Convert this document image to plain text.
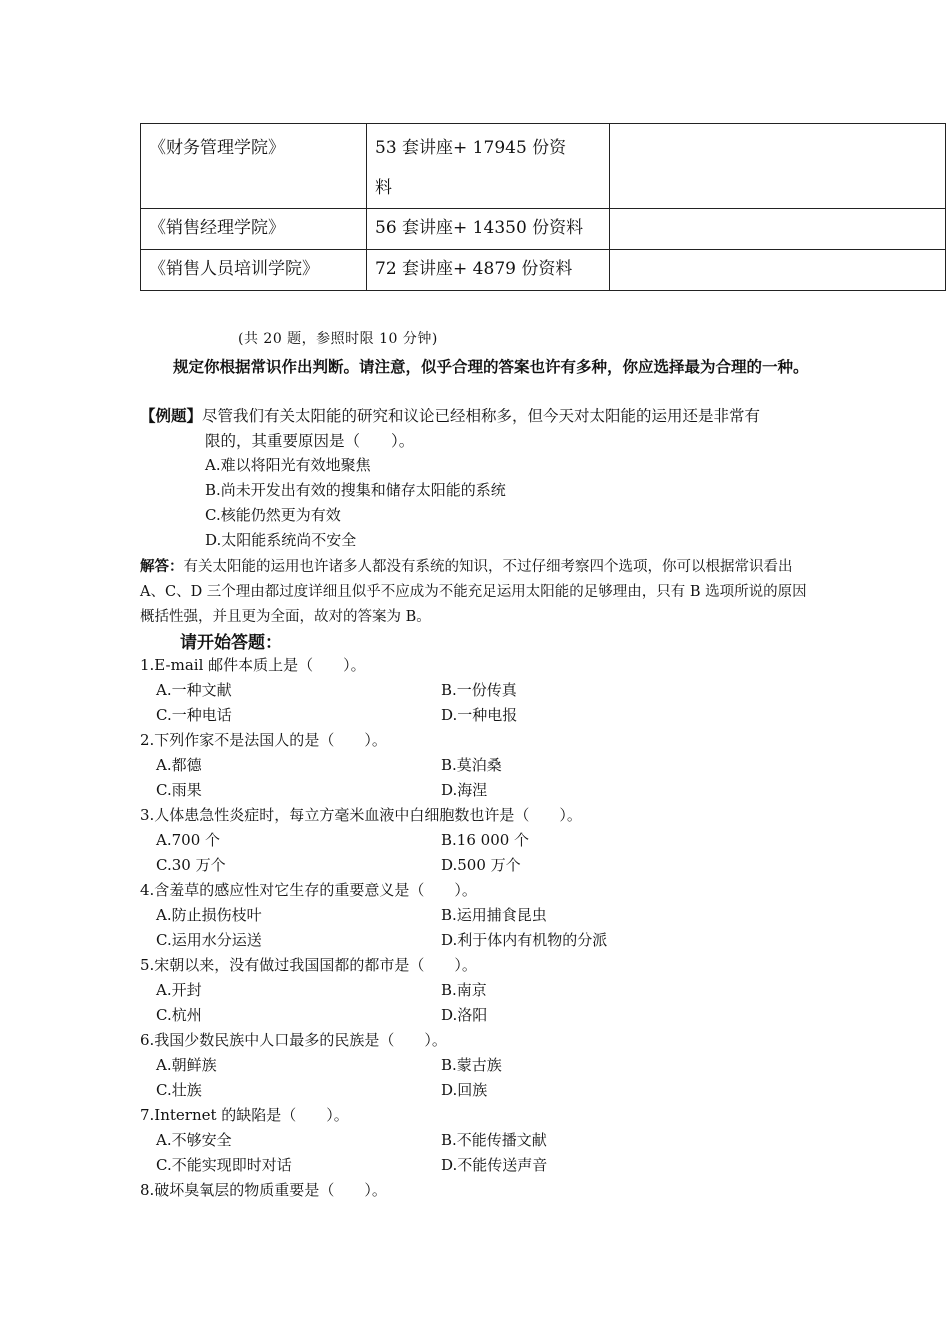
《财务管理学院》	53 套讲座+ 17945 份资
料	

《销售经理学院》	56 套讲座+ 14350 份资料	

《销售人员培训学院》	72 套讲座+ 4879 份资料	

(共 20 题，参照时限 10 分钟)
规定你根据常识作出判断。请注意，似乎合理的答案也许有多种，你应选择最为合理的一种。
【例题】尽管我们有关太阳能的研究和议论已经相称多，但今天对太阳能的运用还是非常有
限的，其重要原因是（　　）。
A.难以将阳光有效地聚焦
B.尚未开发出有效的搜集和储存太阳能的系统
C.核能仍然更为有效
D.太阳能系统尚不安全
解答：有关太阳能的运用也许诸多人都没有系统的知识，不过仔细考察四个选项，你可以根据常识看出 A、C、D 三个理由都过度详细且似乎不应成为不能充足运用太阳能的足够理由，只有 B 选项所说的原因概括性强，并且更为全面，故对的答案为 B。
请开始答题：
1.E-mail 邮件本质上是（　　）。
A.一种文献	B.一份传真
C.一种电话	D.一种电报
2.下列作家不是法国人的是（　　）。
A.都德	B.莫泊桑
C.雨果	D.海涅
3.人体患急性炎症时，每立方毫米血液中白细胞数也许是（　　）。
A.700 个	B.16 000 个
C.30 万个	D.500 万个
4.含羞草的感应性对它生存的重要意义是（　　）。
A.防止损伤枝叶	B.运用捕食昆虫
C.运用水分运送	D.利于体内有机物的分派
5.宋朝以来，没有做过我国国都的都市是（　　）。
A.开封	B.南京
C.杭州	D.洛阳
6.我国少数民族中人口最多的民族是（　　）。
A.朝鲜族	B.蒙古族
C.壮族	D.回族
7.Internet 的缺陷是（　　）。
A.不够安全	B.不能传播文献
C.不能实现即时对话	D.不能传送声音
8.破坏臭氧层的物质重要是（　　）。
